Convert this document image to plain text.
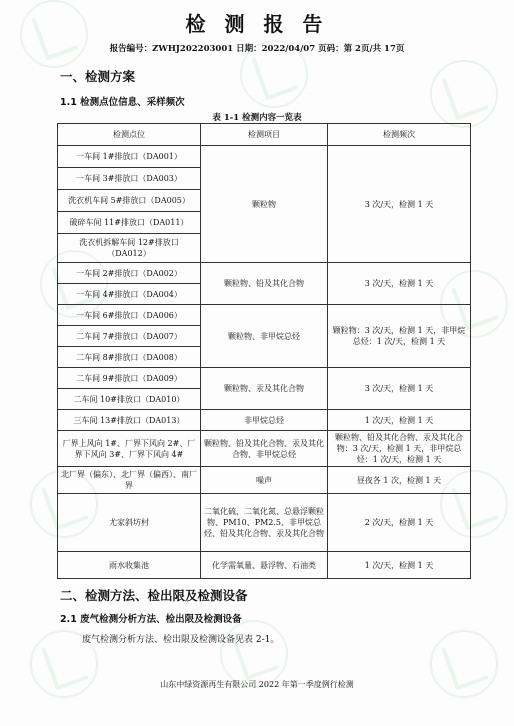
检 测 报 告
报告编号：ZWHJ202203001 日期：2022/04/07 页码：第 2页/共 17页
一、检测方案
1.1 检测点位信息、采样频次
表 1-1 检测内容一览表
检测点位	检测项目	检测频次
一车间 1#排放口（DA001）	颗粒物	3 次/天，检测 1 天
一车间 3#排放口（DA003）		
洗衣机车间 5#排放口（DA005）		
破碎车间 11#排放口（DA011）		
洗衣机拆解车间 12#排放口（DA012）		
一车间 2#排放口（DA002）	颗粒物、铅及其化合物	3 次/天，检测 1 天
一车间 4#排放口（DA004）		
一车间 6#排放口（DA006）	颗粒物、非甲烷总烃	颗粒物：3 次/天，检测 1 天，非甲烷总烃：1 次/天，检测 1 天
二车间 7#排放口（DA007）		
二车间 8#排放口（DA008）		
二车间 9#排放口（DA009）	颗粒物、汞及其化合物	3 次/天，检测 1 天
二车间 10#排放口（DA010）		
三车间 13#排放口（DA013）	非甲烷总烃	1 次/天，检测 1 天
厂界上风向 1#、厂界下风向 2#、厂界下风向 3#、厂界下风向 4#	颗粒物、铅及其化合物、汞及其化合物、非甲烷总烃	颗粒物、铅及其化合物、汞及其化合物：3 次/天，检测 1 天，非甲烷总烃：1 次/天，检测 1 天
北厂界（偏东）、北厂界（偏西）、南厂界	噪声	昼夜各 1 次，检测 1 天
尤家斜坊村	二氧化硫、二氧化氮、总悬浮颗粒物、PM10、PM2.5、非甲烷总烃、铅及其化合物、汞及其化合物	2 次/天，检测 1 天
雨水收集池	化学需氧量、悬浮物、石油类	1 次/天，检测 1 天
二、检测方法、检出限及检测设备
2.1 废气检测分析方法、检出限及检测设备
废气检测分析方法、检出限及检测设备见表 2-1。
山东中绿资源再生有限公司 2022 年第一季度例行检测
